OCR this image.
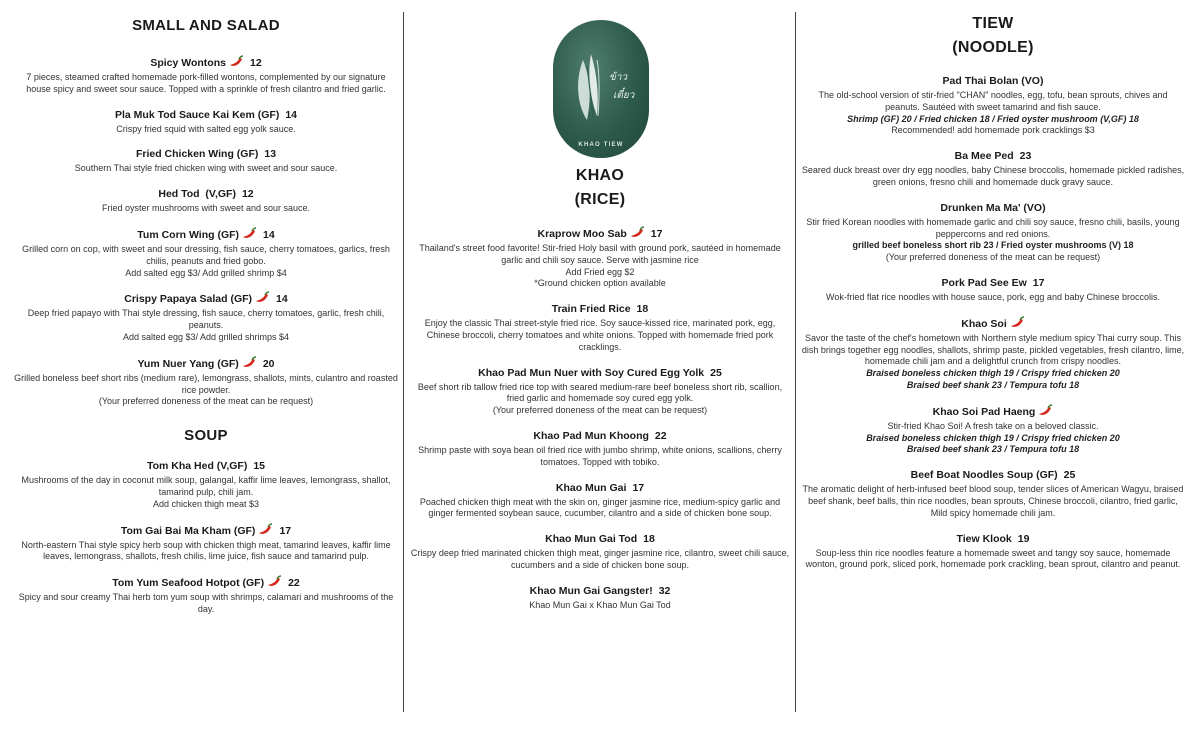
SMALL AND SALAD
Spicy Wontons 12
7 pieces, steamed crafted homemade pork-filled wontons, complemented by our signature house spicy and sweet sour sauce. Topped with a sprinkle of fresh cilantro and fried garlic.
Pla Muk Tod Sauce Kai Kem (GF) 14
Crispy fried squid with salted egg yolk sauce.
Fried Chicken Wing (GF) 13
Southern Thai style fried chicken wing with sweet and sour sauce.
Hed Tod  (V,GF) 12
Fried oyster mushrooms with sweet and sour sauce.
Tum Corn Wing (GF) 14
Grilled corn on cop, with sweet and sour dressing, fish sauce, cherry tomatoes, garlics, fresh chilis, peanuts and fried gobo.
Add salted egg $3/ Add grilled shrimp $4
Crispy Papaya Salad (GF) 14
Deep fried papayo with Thai style dressing, fish sauce, cherry tomatoes, garlic, fresh chili, peanuts.
Add salted egg $3/ Add grilled shrimps $4
Yum Nuer Yang (GF) 20
Grilled boneless beef short ribs (medium rare), lemongrass, shallots, mints, culantro and roasted rice powder.
(Your preferred doneness of the meat can be request)
SOUP
Tom Kha Hed (V,GF) 15
Mushrooms of the day in coconut milk soup, galangal, kaffir lime leaves, lemongrass, shallot, tamarind pulp, chili jam.
Add chicken thigh meat $3
Tom Gai Bai Ma Kham (GF) 17
North-eastern Thai style spicy herb soup with chicken thigh meat, tamarind leaves, kaffir lime leaves, lemongrass, shallots, fresh chilis, lime juice, fish sauce and tamarind pulp.
Tom Yum Seafood Hotpot (GF) 22
Spicy and sour creamy Thai herb tom yum soup with shrimps, calamari and mushrooms of the day.
ข้าว
เตี๋ยว
KHAO TIEW
KHAO
(RICE)
Kraprow Moo Sab 17
Thailand's street food favorite! Stir-fried Holy basil with ground pork, sautéed in homemade garlic and chili soy sauce. Serve with jasmine rice
Add Fried egg $2
*Ground chicken option available
Train Fried Rice 18
Enjoy the classic Thai street-style fried rice. Soy sauce-kissed rice, marinated pork, egg, Chinese broccoli, cherry tomatoes and white onions. Topped with homemade fried pork cracklings.
Khao Pad Mun Nuer with Soy Cured Egg Yolk 25
Beef short rib tallow fried rice top with seared medium-rare beef boneless short rib, scallion, fried garlic and homemade soy cured egg yolk.
(Your preferred doneness of the meat can be request)
Khao Pad Mun Khoong 22
Shrimp paste with soya bean oil fried rice with jumbo shrimp, white onions, scallions, cherry tomatoes. Topped with tobiko.
Khao Mun Gai 17
Poached chicken thigh meat with the skin on, ginger jasmine rice, medium-spicy garlic and ginger fermented soybean sauce, cucumber, cilantro and a side of chicken bone soup.
Khao Mun Gai Tod 18
Crispy deep fried marinated chicken thigh meat, ginger jasmine rice, cilantro, sweet chili sauce, cucumbers and a side of chicken bone soup.
Khao Mun Gai Gangster! 32
Khao Mun Gai x Khao Mun Gai Tod
TIEW
(NOODLE)
Pad Thai Bolan (VO)
The old-school version of stir-fried "CHAN" noodles, egg, tofu, bean sprouts, chives and peanuts. Sautéed with sweet tamarind and fish sauce.
Shrimp (GF) 20 / Fried chicken 18 / Fried oyster mushroom (V,GF) 18
Recommended! add homemade pork cracklings $3
Ba Mee Ped 23
Seared duck breast over dry egg noodles, baby Chinese broccolis, homemade pickled radishes, green onions, fresno chili and homemade duck gravy sauce.
Drunken Ma Ma' (VO)
Stir fried Korean noodles with homemade garlic and chili soy sauce, fresno chili, basils, young peppercorns and red onions.
grilled beef boneless short rib 23 / Fried oyster mushrooms (V) 18
(Your preferred doneness of the meat can be request)
Pork Pad See Ew 17
Wok-fried flat rice noodles with house sauce, pork, egg and baby Chinese broccolis.
Khao Soi
Savor the taste of the chef's hometown with Northern style medium spicy Thai curry soup. This dish brings together egg noodles, shallots, shrimp paste, pickled vegetables, fresh cilantro, lime, homemade chili jam and a delightful crunch from crispy noodles.
Braised boneless chicken thigh 19 / Crispy fried chicken 20
Braised beef shank 23 / Tempura tofu 18
Khao Soi Pad Haeng
Stir-fried Khao Soi! A fresh take on a beloved classic.
Braised boneless chicken thigh 19 / Crispy fried chicken 20
Braised beef shank 23 / Tempura tofu 18
Beef Boat Noodles Soup (GF) 25
The aromatic delight of herb-infused beef blood soup, tender slices of American Wagyu, braised beef shank, beef balls, thin rice noodles, bean sprouts, Chinese broccoli, cilantro, fried garlic, Mild spicy homemade chili jam.
Tiew Klook 19
Soup-less thin rice noodles feature a homemade sweet and tangy soy sauce, homemade wonton, ground pork, sliced pork, homemade pork crackling, bean sprout, cilantro and peanut.
